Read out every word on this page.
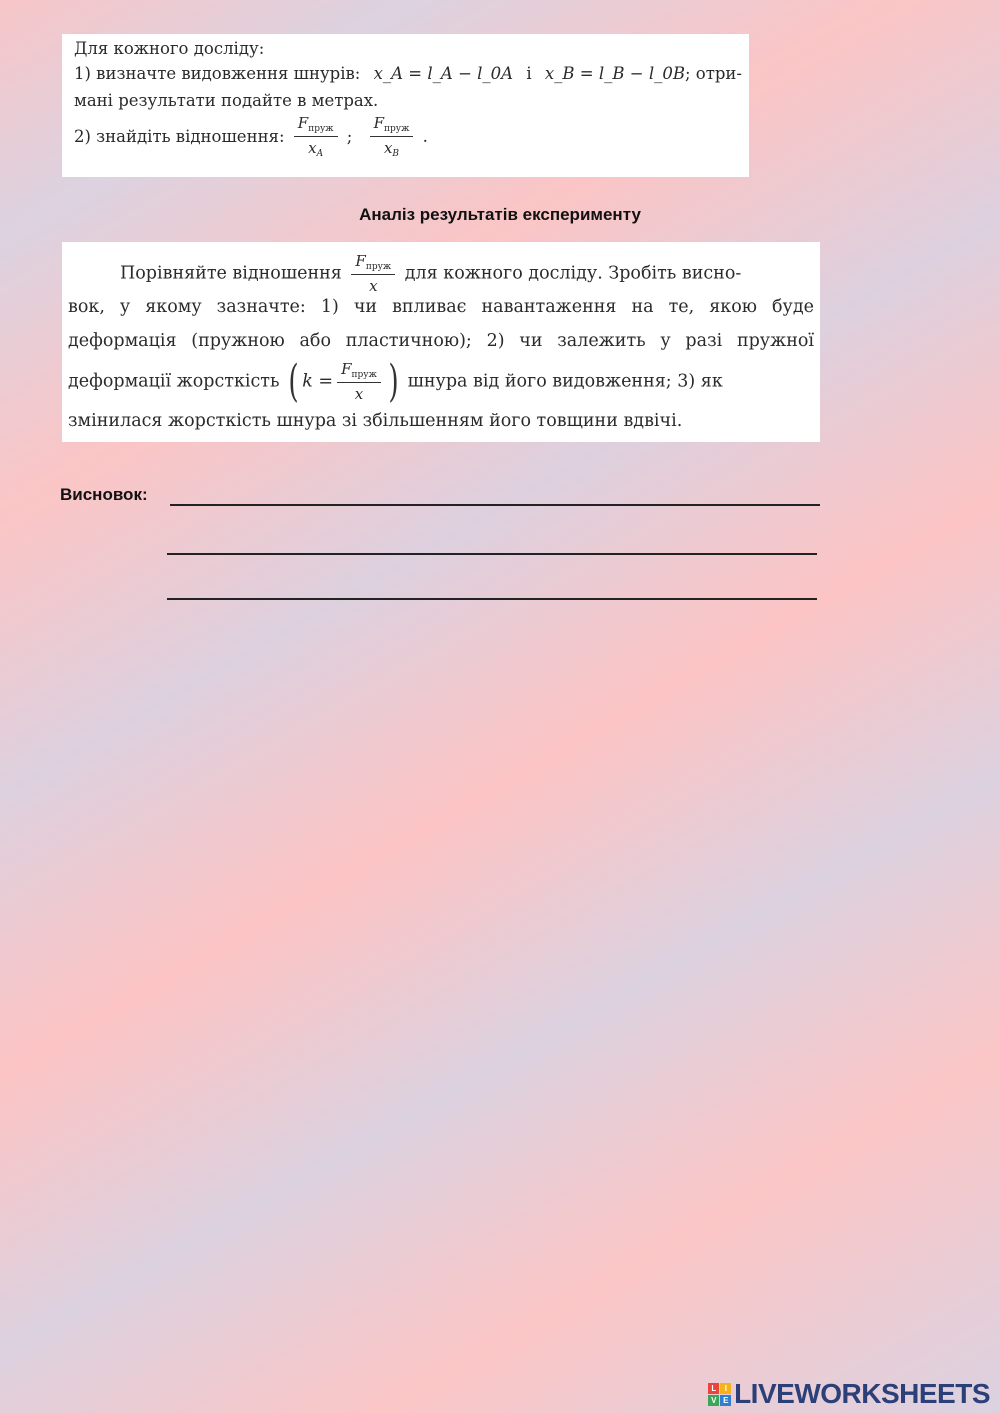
Для кожного досліду:
1) визначте видовження шнурів: x_A = l_A − l_0A і x_B = l_B − l_0B; отри-
мані результати подайте в метрах.
2) знайдіть відношення: $\frac{F_{пруж}}{x_A}$ ; $\frac{F_{пруж}}{x_B}$ .
Аналіз результатів експерименту
Порівняйте відношення $\frac{F_{пруж}}{x}$ для кожного досліду. Зробіть висно-
вок, у якому зазначте: 1) чи впливає навантаження на те, якою буде
деформація (пружною або пластичною); 2) чи залежить у разі пружної
деформації жорсткість ( $k = \frac{F_{пруж}}{x}$ ) шнура від його видовження; 3) як
змінилася жорсткість шнура зі збільшенням його товщини вдвічі.
Висновок:
L	I
V E LIVEWORKSHEETS
